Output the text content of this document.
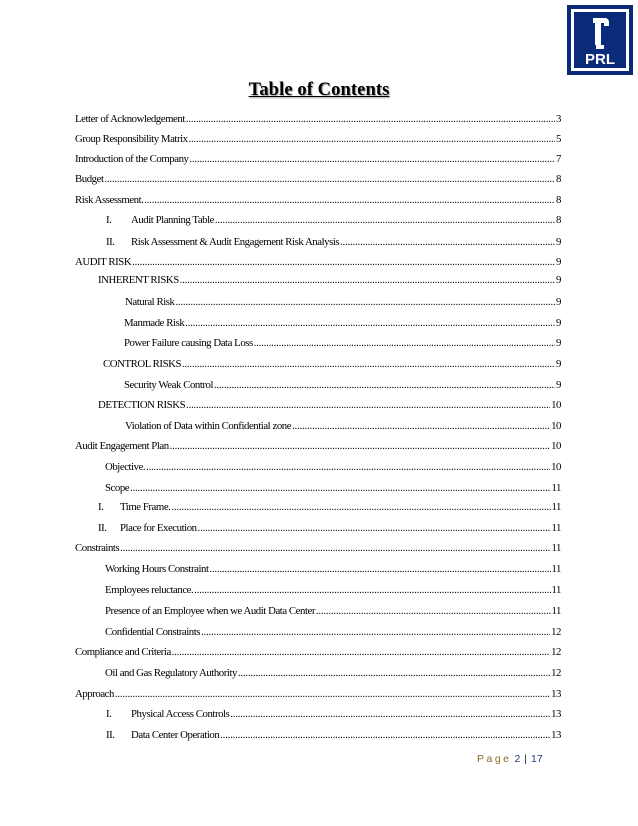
PRL
Table of Contents
Letter of Acknowledgement .....	3
Group Responsibility Matrix .....	5
Introduction of the Company .....	7
Budget .....	8
Risk Assessment. .....	8
I.	Audit Planning Table .....	8
II.	Risk Assessment & Audit Engagement Risk Analysis .....	9
AUDIT RISK .....	9
INHERENT RISKS .....	9
Natural Risk .....	9
Manmade Risk .....	9
Power Failure causing Data Loss .....	9
CONTROL RISKS .....	9
Security Weak Control .....	9
DETECTION RISKS .....	10
Violation of Data within Confidential zone .....	10
Audit Engagement Plan .....	10
Objective. .....	10
Scope .....	11
I.	Time Frame. .....	11
II.	Place for Execution .....	11
Constraints .....	11
Working Hours Constraint .....	11
Employees reluctance. .....	11
Presence of an Employee when we Audit Data Center .....	11
Confidential Constraints .....	12
Compliance and Criteria .....	12
Oil and Gas Regulatory Authority .....	12
Approach .....	13
I.	Physical Access Controls .....	13
II.	Data Center Operation .....	13
Page 2 | 17
